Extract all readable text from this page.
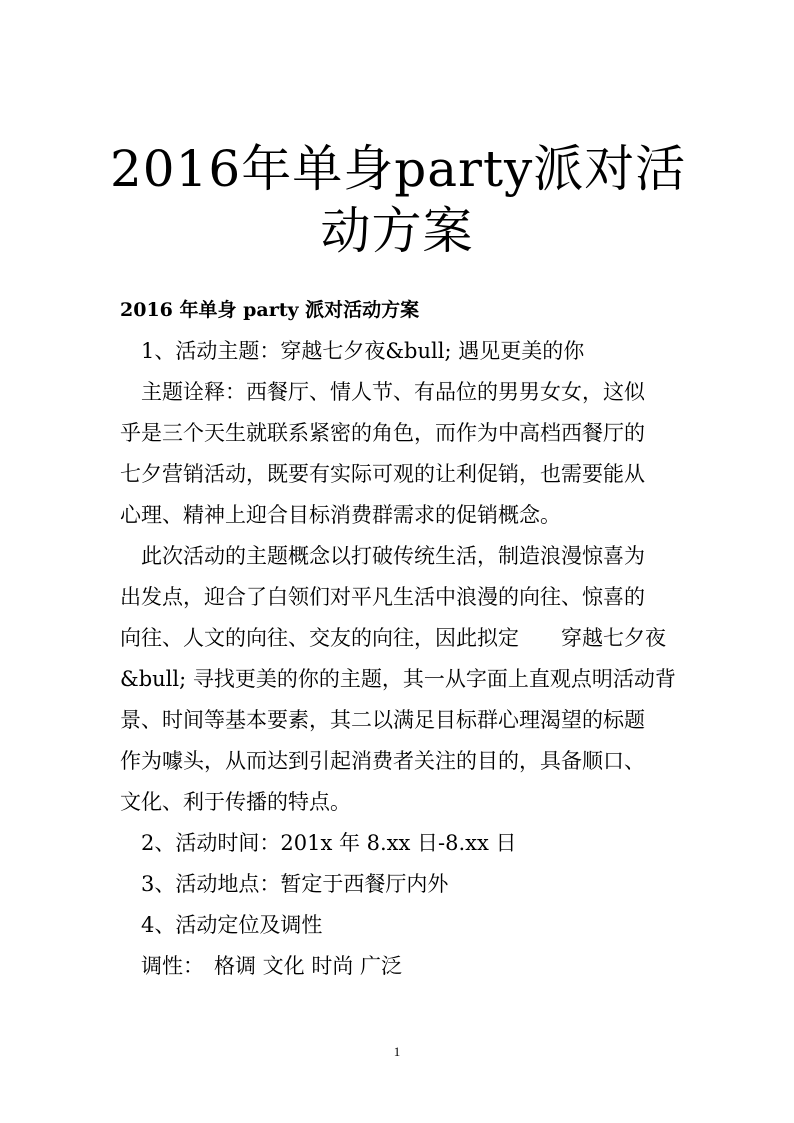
2016年单身party派对活
动方案
2016 年单身 party 派对活动方案
1、活动主题：穿越七夕夜&bull; 遇见更美的你
主题诠释：西餐厅、情人节、有品位的男男女女，这似
乎是三个天生就联系紧密的角色，而作为中高档西餐厅的
七夕营销活动，既要有实际可观的让利促销，也需要能从
心理、精神上迎合目标消费群需求的促销概念。
此次活动的主题概念以打破传统生活，制造浪漫惊喜为
出发点，迎合了白领们对平凡生活中浪漫的向往、惊喜的
向往、人文的向往、交友的向往，因此拟定 穿越七夕夜
&bull; 寻找更美的你的主题，其一从字面上直观点明活动背
景、时间等基本要素，其二以满足目标群心理渴望的标题
作为噱头，从而达到引起消费者关注的目的，具备顺口、
文化、利于传播的特点。
2、活动时间：201x 年 8.xx 日-8.xx 日
3、活动地点：暂定于西餐厅内外
4、活动定位及调性
调性： 格调 文化 时尚 广泛
1
